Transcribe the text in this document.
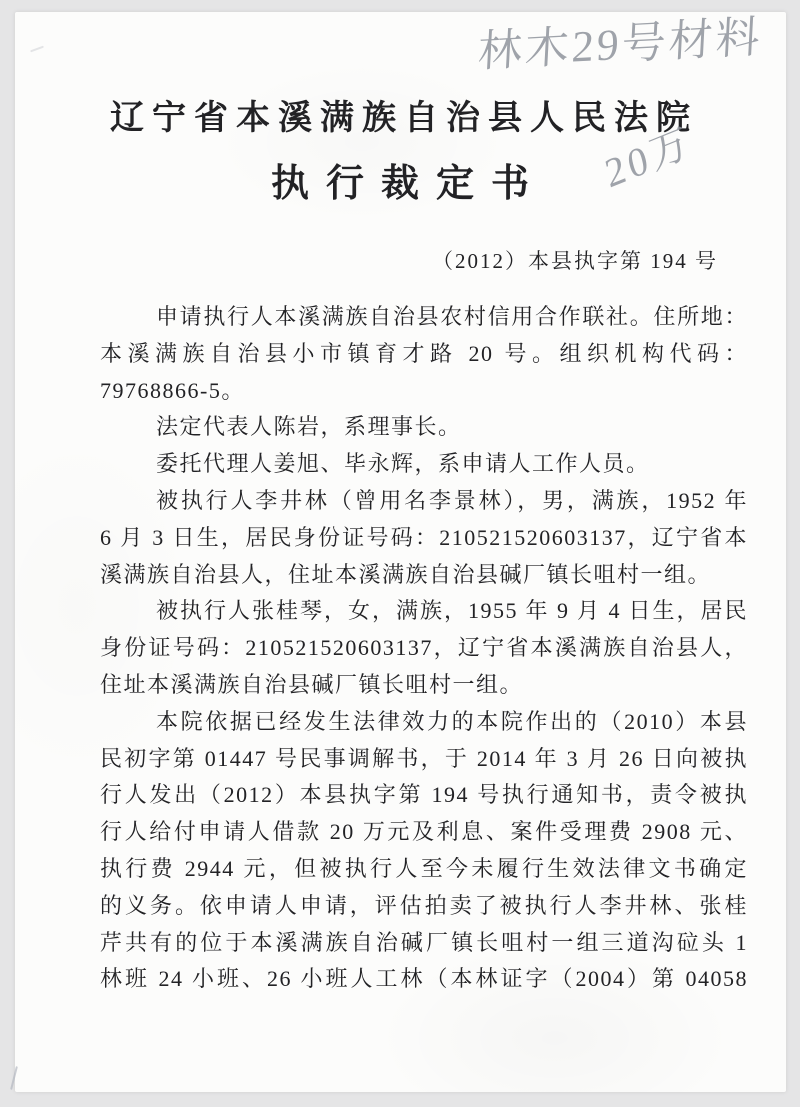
林木29号材料
辽宁省本溪满族自治县人民法院
20万
执行裁定书
（2012）本县执字第 194 号
申请执行人本溪满族自治县农村信用合作联社。住所地：
本溪满族自治县小市镇育才路 20 号。组织机构代码：
79768866-5。
法定代表人陈岩，系理事长。
委托代理人姜旭、毕永辉，系申请人工作人员。
被执行人李井林（曾用名李景林），男，满族，1952 年
6 月 3 日生，居民身份证号码：210521520603137，辽宁省本
溪满族自治县人，住址本溪满族自治县碱厂镇长咀村一组。
被执行人张桂琴，女，满族，1955 年 9 月 4 日生，居民
身份证号码：210521520603137，辽宁省本溪满族自治县人，
住址本溪满族自治县碱厂镇长咀村一组。
本院依据已经发生法律效力的本院作出的（2010）本县
民初字第 01447 号民事调解书，于 2014 年 3 月 26 日向被执
行人发出（2012）本县执字第 194 号执行通知书，责令被执
行人给付申请人借款 20 万元及利息、案件受理费 2908 元、
执行费 2944 元，但被执行人至今未履行生效法律文书确定
的义务。依申请人申请，评估拍卖了被执行人李井林、张桂
芹共有的位于本溪满族自治碱厂镇长咀村一组三道沟砬头 1
林班 24 小班、26 小班人工林（本林证字（2004）第 04058
